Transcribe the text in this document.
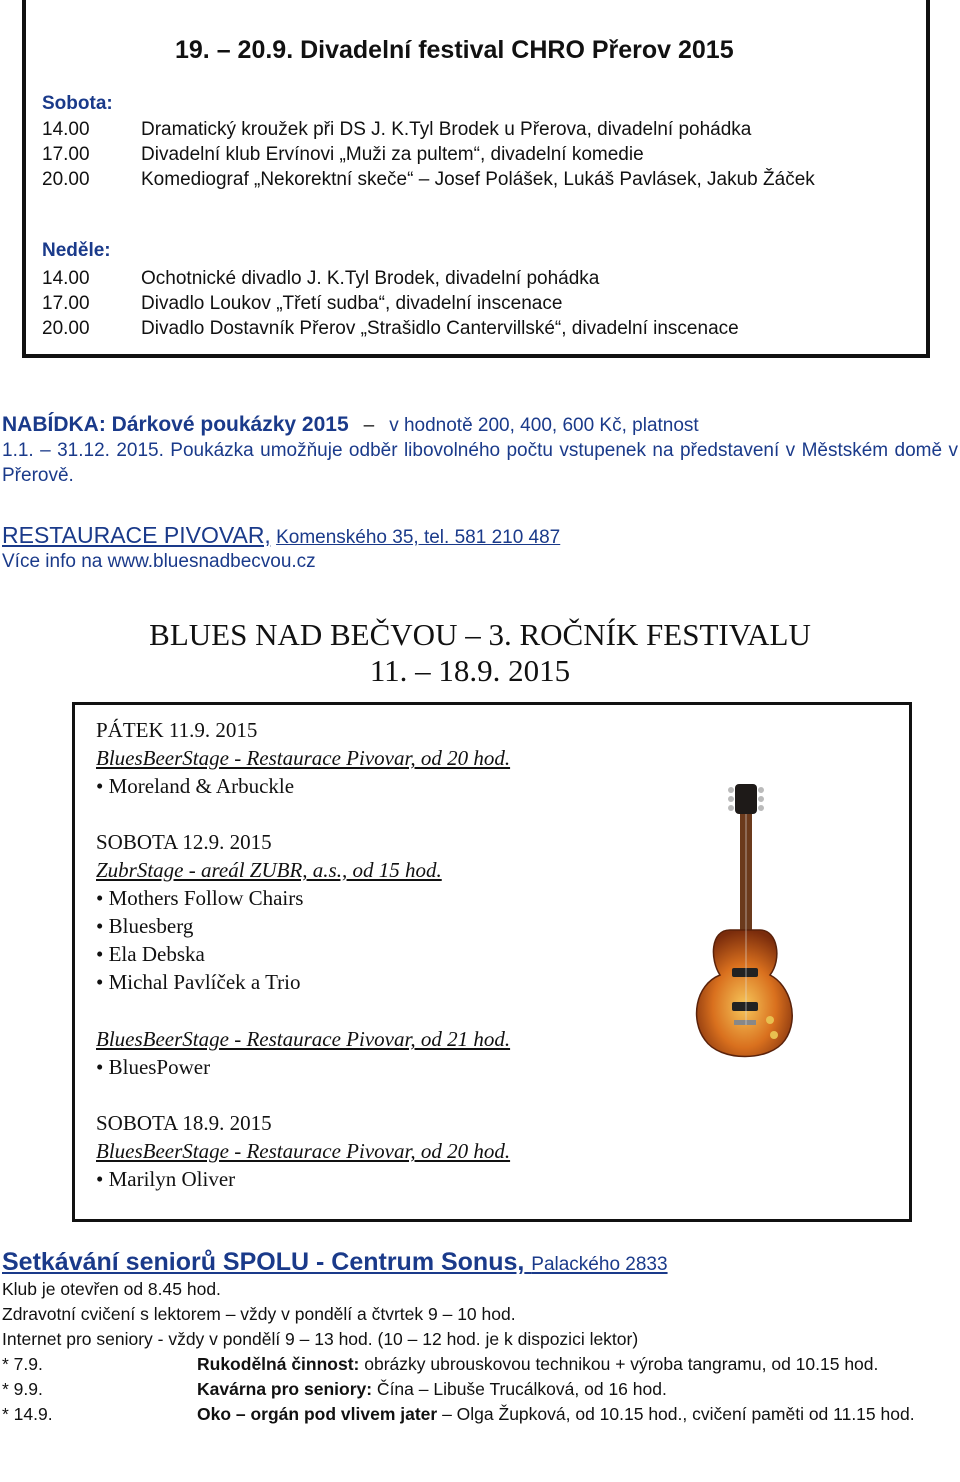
19. – 20.9. Divadelní festival CHRO Přerov 2015
Sobota:
14.00	Dramatický kroužek při DS J. K.Tyl Brodek u Přerova, divadelní pohádka
17.00	Divadelní klub Ervínovi „Muži za pultem“, divadelní komedie
20.00	Komediograf „Nekorektní skeče“ – Josef Polášek, Lukáš Pavlásek, Jakub Žáček
Neděle:
14.00	Ochotnické divadlo J. K.Tyl Brodek, divadelní pohádka
17.00	Divadlo Loukov „Třetí sudba“, divadelní inscenace
20.00	Divadlo Dostavník Přerov „Strašidlo Cantervillské“, divadelní inscenace
NABÍDKA: Dárkové poukázky 2015 – v hodnotě 200, 400, 600 Kč, platnost
1.1. – 31.12. 2015. Poukázka umožňuje odběr libovolného počtu vstupenek na představení v Městském domě v Přerově.
RESTAURACE PIVOVAR, Komenského 35, tel. 581 210 487
Více info na www.bluesnadbecvou.cz
BLUES NAD BEČVOU – 3. ROČNÍK FESTIVALU
11. – 18.9. 2015
PÁTEK 11.9. 2015
BluesBeerStage - Restaurace Pivovar, od 20 hod.
• Moreland & Arbuckle
SOBOTA 12.9. 2015
ZubrStage - areál ZUBR, a.s., od 15 hod.
• Mothers Follow Chairs
• Bluesberg
• Ela Debska
• Michal Pavlíček a Trio
BluesBeerStage - Restaurace Pivovar, od 21 hod.
• BluesPower
SOBOTA 18.9. 2015
BluesBeerStage - Restaurace Pivovar, od 20 hod.
• Marilyn Oliver
Setkávání seniorů SPOLU - Centrum Sonus, Palackého 2833
Klub je otevřen od 8.45 hod.
Zdravotní cvičení s lektorem – vždy v pondělí a čtvrtek 9 – 10 hod.
Internet pro seniory - vždy v pondělí 9 – 13 hod. (10 – 12 hod. je k dispozici lektor)
* 7.9.	Rukodělná činnost: obrázky ubrouskovou technikou + výroba tangramu, od 10.15 hod.
* 9.9.	Kavárna pro seniory: Čína – Libuše Trucálková, od 16 hod.
* 14.9.	Oko – orgán pod vlivem jater – Olga Župková, od 10.15 hod., cvičení paměti od 11.15 hod.
